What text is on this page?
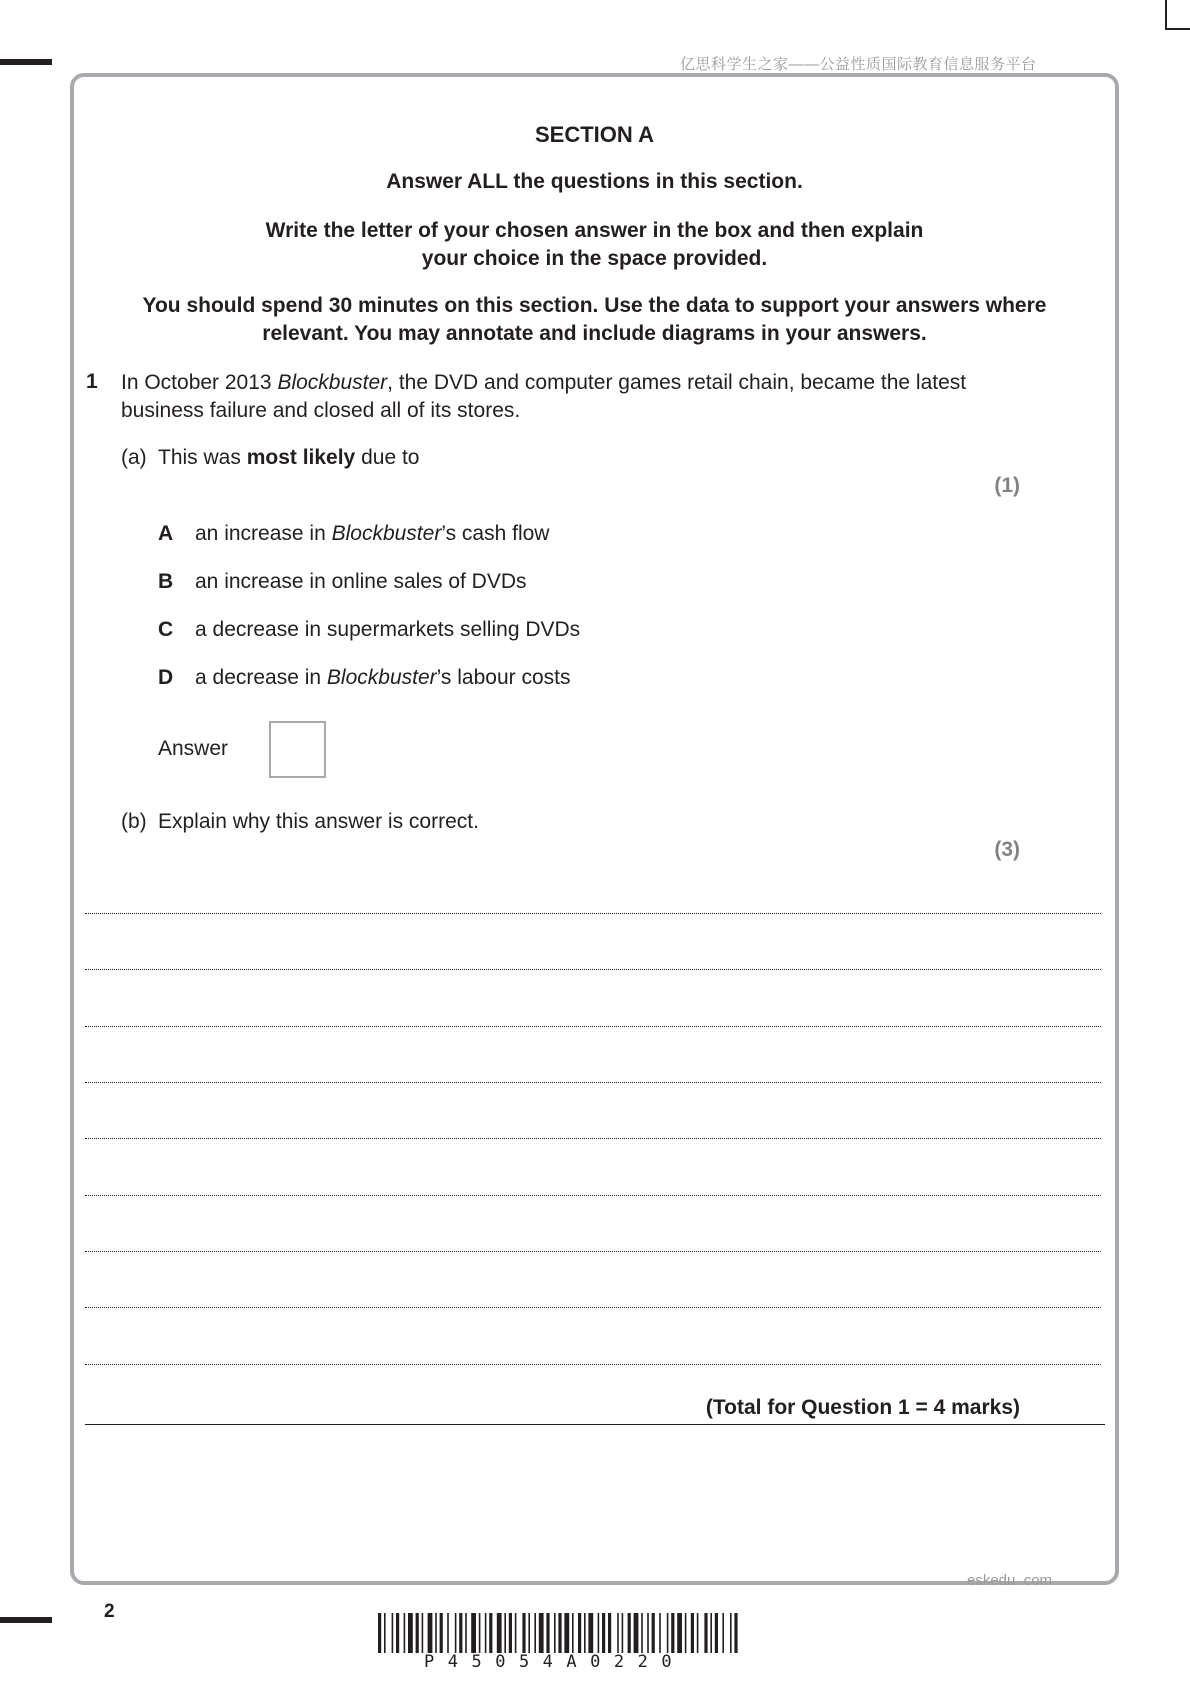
亿思科学生之家——公益性质国际教育信息服务平台
SECTION A
Answer ALL the questions in this section.
Write the letter of your chosen answer in the box and then explain your choice in the space provided.
You should spend 30 minutes on this section. Use the data to support your answers where relevant. You may annotate and include diagrams in your answers.
1 In October 2013 Blockbuster, the DVD and computer games retail chain, became the latest business failure and closed all of its stores.
(a) This was most likely due to
(1)
A an increase in Blockbuster’s cash flow
B an increase in online sales of DVDs
C a decrease in supermarkets selling DVDs
D a decrease in Blockbuster’s labour costs
Answer
(b) Explain why this answer is correct.
(3)
(Total for Question 1 = 4 marks)
eskedu. com
2
P45054A0220
